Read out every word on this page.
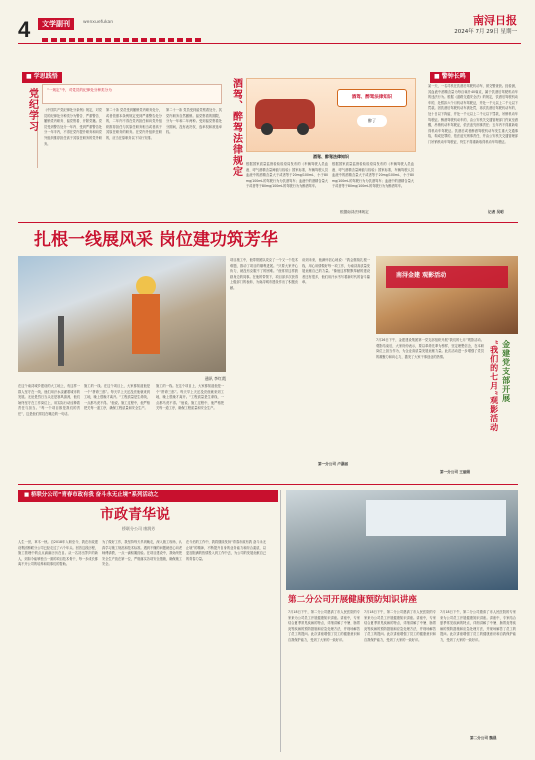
4	文学副刊	wenxuefukan	南浔日报
2024年 7月 29日 星期一
■ 学思践悟
党纪学习	“一规定”中，对党员的纪律处分种类分为
《中国共产党纪律处分条例》规定，对党员的纪律处分种类分为警告、严重警告、撤销党内职务、留党察看、开除党籍。党员受到警告处分一年内、受到严重警告处分一年半内，不得在党内提升职务和向党外组织推荐担任高于其原任职务的党外职务。
第二十条 党员受到撤销党内职务处分，或者依照本条例规定受到严重警告处分的，二年内不得在党内担任和向党外组织推荐担任与其原任职务相当或者高于其原任职务的职务。在党内外组织任职的，应当在原职务以下另行安排。
第二十一条 党员受到留党察看处分，其党内职务自然撤销。留党察看的期限，分为一年和二年两种。受到留党察看处分期间，没有表决权、选举权和被选举权。	酒驾、醉驾法律规定	酒驾、醉驾法律知识
醉了
酒驾、醉驾法律知识
根据国家质量监督检验检疫局发布的《车辆驾驶人员血液、呼气酒精含量阈值与检验》国家标准，车辆驾驶人员血液中的酒精含量大于或者等于20mg/100mL、小于80mg/100mL的驾驶行为为饮酒驾车；血液中的酒精含量大于或者等于80mg/100mL的驾驶行为为醉酒驾车。
根据国家质量监督检验检疫局发布的《车辆驾驶人员血液、呼气酒精含量阈值与检验》国家标准，车辆驾驶人员血液中的酒精含量大于或者等于20mg/100mL、小于80mg/100mL的驾驶行为为饮酒驾车；血液中的酒精含量大于或者等于80mg/100mL的驾驶行为为醉酒驾车。
根据南浔法律规定
■ 警钟长鸣
某一天，一名司机在饮酒后驾驶机动车，被交警查获。经检测，其血液中酒精含量为每百毫升40毫克，属于饮酒后驾驶机动车的违法行为。根据《道路交通安全法》的规定，饮酒后驾驶机动车的，处暂扣六个月机动车驾驶证，并处一千元以上二千元以下罚款。因饮酒后驾驶机动车被处罚，再次饮酒后驾驶机动车的，处十日以下拘留，并处一千元以上二千元以下罚款，吊销机动车驾驶证。醉酒驾驶机动车的，由公安机关交通管理部门约束至酒醒，吊销机动车驾驶证，依法追究刑事责任；五年内不得重新取得机动车驾驶证。饮酒后或者醉酒驾驶机动车发生重大交通事故，构成犯罪的，依法追究刑事责任，并由公安机关交通管理部门吊销机动车驾驶证，终生不得重新取得机动车驾驶证。
记者 吴明
扎根一线展风采 岗位建功筑芳华
通讯 李红霞
在这个南浔城乡建设的大工地上，有这样一群人坚守在一线，他们用汗水浇灌着城市的发展。无论是烈日当头还是寒风凛冽，他们始终坚守在工作岗位上，用实际行动诠释着责任与担当。“每一个项目都是我们的责任”，这是他们常挂在嘴边的一句话。
施工的一线。在这个项目上，大家都知道他是一个“拼命三郎”。每天早上天还没亮他就来到工地，晚上很晚才离开。“工程质量是生命线，一点都马虎不得。”他说。施工过程中，他严格把关每一道工序，确保工程质量和安全生产。
施工的一线。在这个项目上，大家都知道他是一个“拼命三郎”。每天早上天还没亮他就来到工地，晚上很晚才离开。“工程质量是生命线，一点都马虎不得。”他说。施工过程中，他严格把关每一道工序，确保工程质量和安全生产。
项目施工中，他带领团队攻克了一个又一个技术难题，推动了项目的顺利进展。“只要大家齐心协力，就没有克服不了的困难。”他常常这样鼓励身边的同事。在他的带领下，项目部多次获得上级部门的表彰，为南浔城市建设作出了积极贡献。
谈到未来，他满怀信心地说：“我会继续扎根一线，用心用情做好每一项工作，为南浔高质量发展贡献自己的力量。”像他这样默默奉献的建设者还有很多，他们用汗水书写着新时代的奋斗篇章。
第一分公司 卢嘉丽
南浔金建 观影活动
7月26日下午，金建建设集团第一党支部组织开展“我们的七月”观影活动。观影结束后，大家纷纷表示，要以革命先辈为榜样，坚定理想信念，在本职岗位上担当作为，为企业高质量发展贡献力量。此次活动进一步增强了党员的凝聚力和向心力，激发了大家干事创业的热情。	金建党支部开展
“我们的七月”观影活动
第一分公司 王丽娟
■ 桥联分公司“青春市政有我 奋斗永无止境”系列活动之
市政青华说
桥联分公司 康润芳
人生一世，草木一秋。自2018年入职至今，我在市政建设集团桥联分公司已经走过了六个年头。回首这段历程，施工管理中的点点滴滴历历在目。从一名初出茅庐的新人，到如今能够独当一面的项目技术骨干，每一步成长都离不开公司的培养和同事们的帮助。
为了做好工作，我坚持每天早到晚走，深入施工现场，认真学习施工规范和技术标准。遇到不懂的问题就虚心向老师傅请教，一点一滴积累经验。在项目建设中，我始终把安全生产放在第一位，严格落实各项安全措施，确保施工安全。
在今后的工作中，我将继续发扬“青春市政有我 奋斗永无止境”的精神，不断提升自身的业务能力和综合素质，以更加饱满的热情投入到工作中去，为公司的发展贡献自己的青春力量。
第二分公司开展健康预防知识讲座
7月18日下午，第二分公司邀请了市人民医院的专家来为公司员工开展健康知识讲座。讲座中，专家结合夏季常见疾病的特点，详细讲解了中暑、肠胃炎等疾病的预防措施和应急处理方法，并现场解答了员工的提问。此次讲座增强了员工的健康意识和自我保护能力，受到了大家的一致好评。
7月18日下午，第二分公司邀请了市人民医院的专家来为公司员工开展健康知识讲座。讲座中，专家结合夏季常见疾病的特点，详细讲解了中暑、肠胃炎等疾病的预防措施和应急处理方法，并现场解答了员工的提问。此次讲座增强了员工的健康意识和自我保护能力，受到了大家的一致好评。
7月18日下午，第二分公司邀请了市人民医院的专家来为公司员工开展健康知识讲座。讲座中，专家结合夏季常见疾病的特点，详细讲解了中暑、肠胃炎等疾病的预防措施和应急处理方法，并现场解答了员工的提问。此次讲座增强了员工的健康意识和自我保护能力，受到了大家的一致好评。
第二分公司 魏晨
